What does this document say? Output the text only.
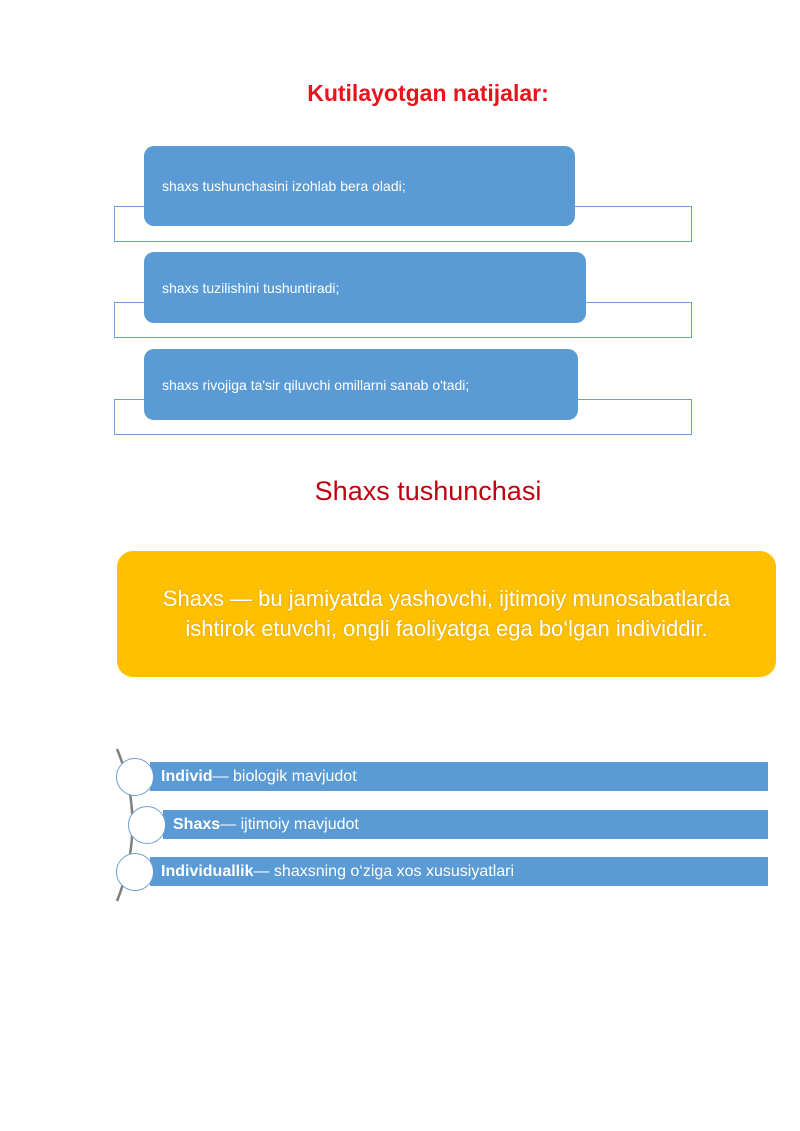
Kutilayotgan natijalar:
shaxs tushunchasini izohlab bera oladi;
shaxs tuzilishini tushuntiradi;
shaxs rivojiga ta'sir qiluvchi omillarni sanab o'tadi;
Shaxs tushunchasi
Shaxs — bu jamiyatda yashovchi, ijtimoiy munosabatlarda ishtirok etuvchi, ongli faoliyatga ega bo‘lgan individdir.
Individ — biologik mavjudot
Shaxs — ijtimoiy mavjudot
Individuallik — shaxsning o‘ziga xos xususiyatlari
